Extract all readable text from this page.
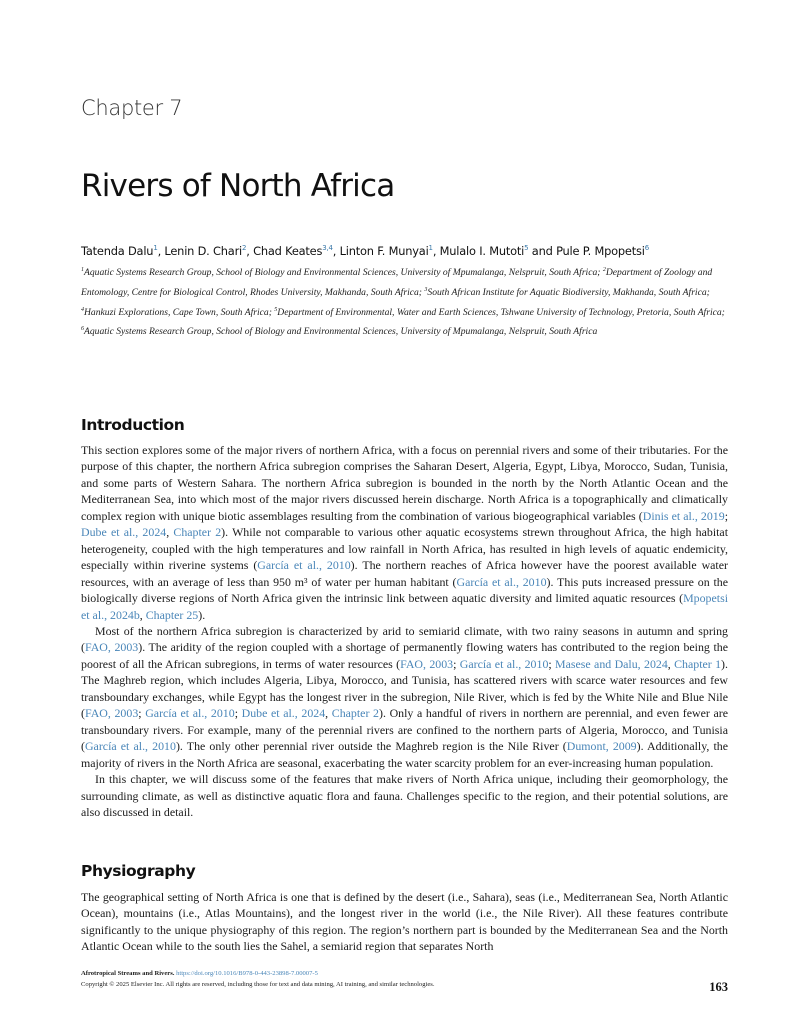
Chapter 7
Rivers of North Africa
Tatenda Dalu$^1$, Lenin D. Chari$^2$, Chad Keates$^{3,4}$, Linton F. Munyai$^1$, Mulalo I. Mutoti$^5$ and Pule P. Mpopetsi$^6$
$^1$Aquatic Systems Research Group, School of Biology and Environmental Sciences, University of Mpumalanga, Nelspruit, South Africa; $^2$Department of Zoology and Entomology, Centre for Biological Control, Rhodes University, Makhanda, South Africa; $^3$South African Institute for Aquatic Biodiversity, Makhanda, South Africa; $^4$Hankuzi Explorations, Cape Town, South Africa; $^5$Department of Environmental, Water and Earth Sciences, Tshwane University of Technology, Pretoria, South Africa; $^6$Aquatic Systems Research Group, School of Biology and Environmental Sciences, University of Mpumalanga, Nelspruit, South Africa
Introduction

This section explores some of the major rivers of northern Africa, with a focus on perennial rivers and some of their tributaries. For the purpose of this chapter, the northern Africa subregion comprises the Saharan Desert, Algeria, Egypt, Libya, Morocco, Sudan, Tunisia, and some parts of Western Sahara. The northern Africa subregion is bounded in the north by the North Atlantic Ocean and the Mediterranean Sea, into which most of the major rivers discussed herein discharge. North Africa is a topographically and climatically complex region with unique biotic assemblages resulting from the combination of various biogeographical variables (Dinis et al., 2019; Dube et al., 2024, Chapter 2). While not comparable to various other aquatic ecosystems strewn throughout Africa, the high habitat heterogeneity, coupled with the high temperatures and low rainfall in North Africa, has resulted in high levels of aquatic endemicity, especially within riverine systems (García et al., 2010). The northern reaches of Africa however have the poorest available water resources, with an average of less than 950 m³ of water per human habitant (García et al., 2010). This puts increased pressure on the biologically diverse regions of North Africa given the intrinsic link between aquatic diversity and limited aquatic resources (Mpopetsi et al., 2024b, Chapter 25).

Most of the northern Africa subregion is characterized by arid to semiarid climate, with two rainy seasons in autumn and spring (FAO, 2003). The aridity of the region coupled with a shortage of permanently flowing waters has contributed to the region being the poorest of all the African subregions, in terms of water resources (FAO, 2003; García et al., 2010; Masese and Dalu, 2024, Chapter 1). The Maghreb region, which includes Algeria, Libya, Morocco, and Tunisia, has scattered rivers with scarce water resources and few transboundary exchanges, while Egypt has the longest river in the subregion, Nile River, which is fed by the White Nile and Blue Nile (FAO, 2003; García et al., 2010; Dube et al., 2024, Chapter 2). Only a handful of rivers in northern are perennial, and even fewer are transboundary rivers. For example, many of the perennial rivers are confined to the northern parts of Algeria, Morocco, and Tunisia (García et al., 2010). The only other perennial river outside the Maghreb region is the Nile River (Dumont, 2009). Additionally, the majority of rivers in the North Africa are seasonal, exacerbating the water scarcity problem for an ever-increasing human population.

In this chapter, we will discuss some of the features that make rivers of North Africa unique, including their geomorphology, the surrounding climate, as well as distinctive aquatic flora and fauna. Challenges specific to the region, and their potential solutions, are also discussed in detail.

Physiography

The geographical setting of North Africa is one that is defined by the desert (i.e., Sahara), seas (i.e., Mediterranean Sea, North Atlantic Ocean), mountains (i.e., Atlas Mountains), and the longest river in the world (i.e., the Nile River). All these features contribute significantly to the unique physiography of this region. The region’s northern part is bounded by the Mediterranean Sea and the North Atlantic Ocean while to the south lies the Sahel, a semiarid region that separates North

Afrotropical Streams and Rivers. https://doi.org/10.1016/B978-0-443-23898-7.00007-5
Copyright © 2025 Elsevier Inc. All rights are reserved, including those for text and data mining, AI training, and similar technologies.	163
